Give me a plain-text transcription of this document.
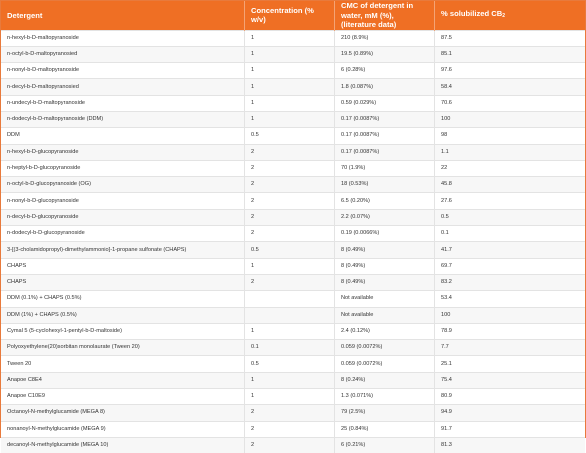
Detergent	Concentration (% w/v)	CMC of detergent in water, mM (%), (literature data)	% solubilized $CB_2$
n-hexyl-b-D-maltopyranoside	1	210 (8.9%)	87.5
n-octyl-b-D-maltopyranosied	1	19.5 (0.89%)	85.1
n-nonyl-b-D-maltopyranoside	1	6 (0.28%)	97.6
n-decyl-b-D-maltopyranosied	1	1.8 (0.087%)	58.4
n-undecyl-b-D-maltopyranoside	1	0.59 (0.029%)	70.6
n-dodecyl-b-D-maltopyranoside (DDM)	1	0.17 (0.0087%)	100
DDM	0.5	0.17 (0.0087%)	98
n-hexyl-b-D-glucopyranoside	2	0.17 (0.0087%)	1.1
n-heptyl-b-D-glucopyranoside	2	70 (1.9%)	22
n-octyl-b-D-glucopyranoside (OG)	2	18 (0.53%)	45.8
n-nonyl-b-D-glucopyranoside	2	6.5 (0.20%)	27.6
n-decyl-b-D-glucopyranoside	2	2.2 (0.07%)	0.5
n-dodecyl-b-D-glucopyranoside	2	0.19 (0.0066%)	0.1
3-[(3-cholamidopropyl)-dimethylammonio]-1-propane sulfonate (CHAPS)	0.5	8 (0.49%)	41.7
CHAPS	1	8 (0.49%)	69.7
CHAPS	2	8 (0.49%)	83.2
DDM (0.1%) + CHAPS (0.5%)		Not available	53.4
DDM (1%) + CHAPS (0.5%)		Not available	100
Cymal 5 (5-cyclohexyl-1-pentyl-b-D-maltoside)	1	2.4 (0.12%)	78.9
Polyoxyethylene(20)sorbitan monolaurate (Tween 20)	0.1	0.059 (0.0072%)	7.7
Tween 20	0.5	0.059 (0.0072%)	25.1
Anapoe C8E4	1	8 (0.24%)	75.4
Anapoe C10E9	1	1.3 (0.071%)	80.9
Octanoyl-N-methylglucamide (MEGA 8)	2	79 (2.5%)	94.9
nonanoyl-N-methylglucamide (MEGA 9)	2	25 (0.84%)	91.7
decanoyl-N-methylglucamide (MEGA 10)	2	6 (0.21%)	81.3
